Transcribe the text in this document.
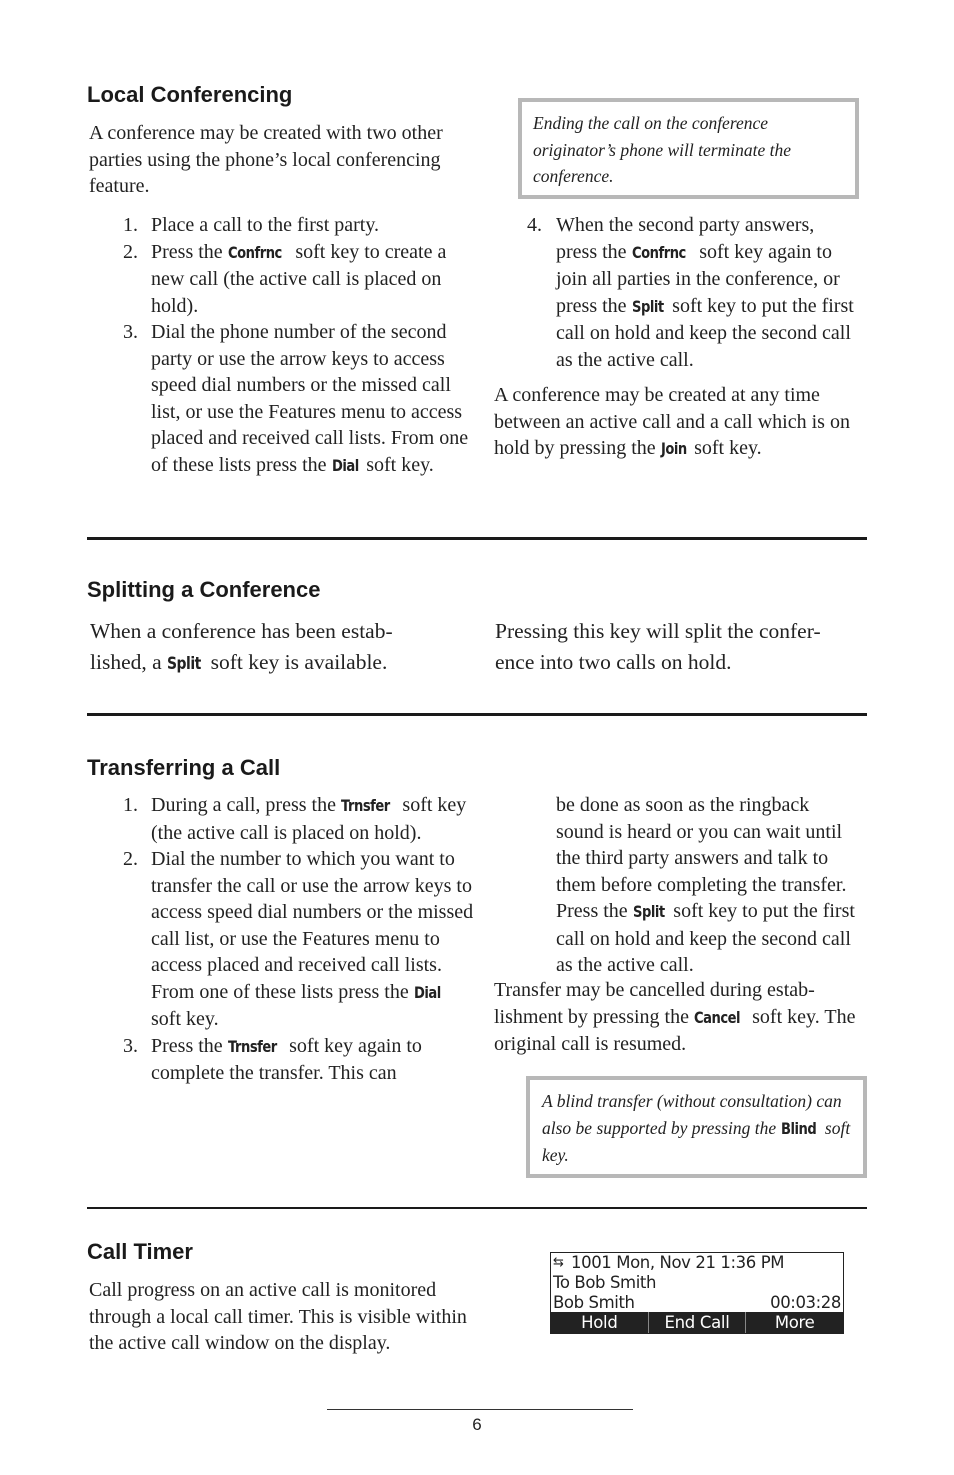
Local Conferencing

A conference may be created with two other parties using the phone’s local conferencing feature.

Ending the call on the conference originator’s phone will terminate the conference.
1. Place a call to the first party.
2. Press the Confrnc soft key to create a new call (the active call is placed on hold).
3. Dial the phone number of the second party or use the arrow keys to access speed dial numbers or the missed call list, or use the Features menu to access placed and received call lists. From one of these lists press the Dial soft key.
4. When the second party answers, press the Confrnc soft key again to join all parties in the conference, or press the Split soft key to put the first call on hold and keep the second call as the active call.

A conference may be created at any time between an active call and a call which is on hold by pressing the Join soft key.

Splitting a Conference

When a conference has been estab- lished, a Split soft key is available.

Pressing this key will split the confer- ence into two calls on hold.

Transferring a Call
1. During a call, press the Trnsfer soft key (the active call is placed on hold).
2. Dial the number to which you want to transfer the call or use the arrow keys to access speed dial numbers or the missed call list, or use the Features menu to access placed and received call lists. From one of these lists press the Dial soft key.
3. Press the Trnsfer soft key again to complete the transfer. This can

be done as soon as the ringback sound is heard or you can wait until the third party answers and talk to them before completing the transfer. Press the Split soft key to put the first call on hold and keep the second call as the active call.

Transfer may be cancelled during estab- lishment by pressing the Cancel soft key. The original call is resumed.

A blind transfer (without consultation) can also be supported by pressing the Blind soft key.
Call Timer

Call progress on an active call is monitored through a local call timer. This is visible within the active call window on the display.

⇆ 1001 Mon, Nov 21 1:36 PM
To Bob Smith
Bob Smith	00:03:28
Hold	End Call	More
6
